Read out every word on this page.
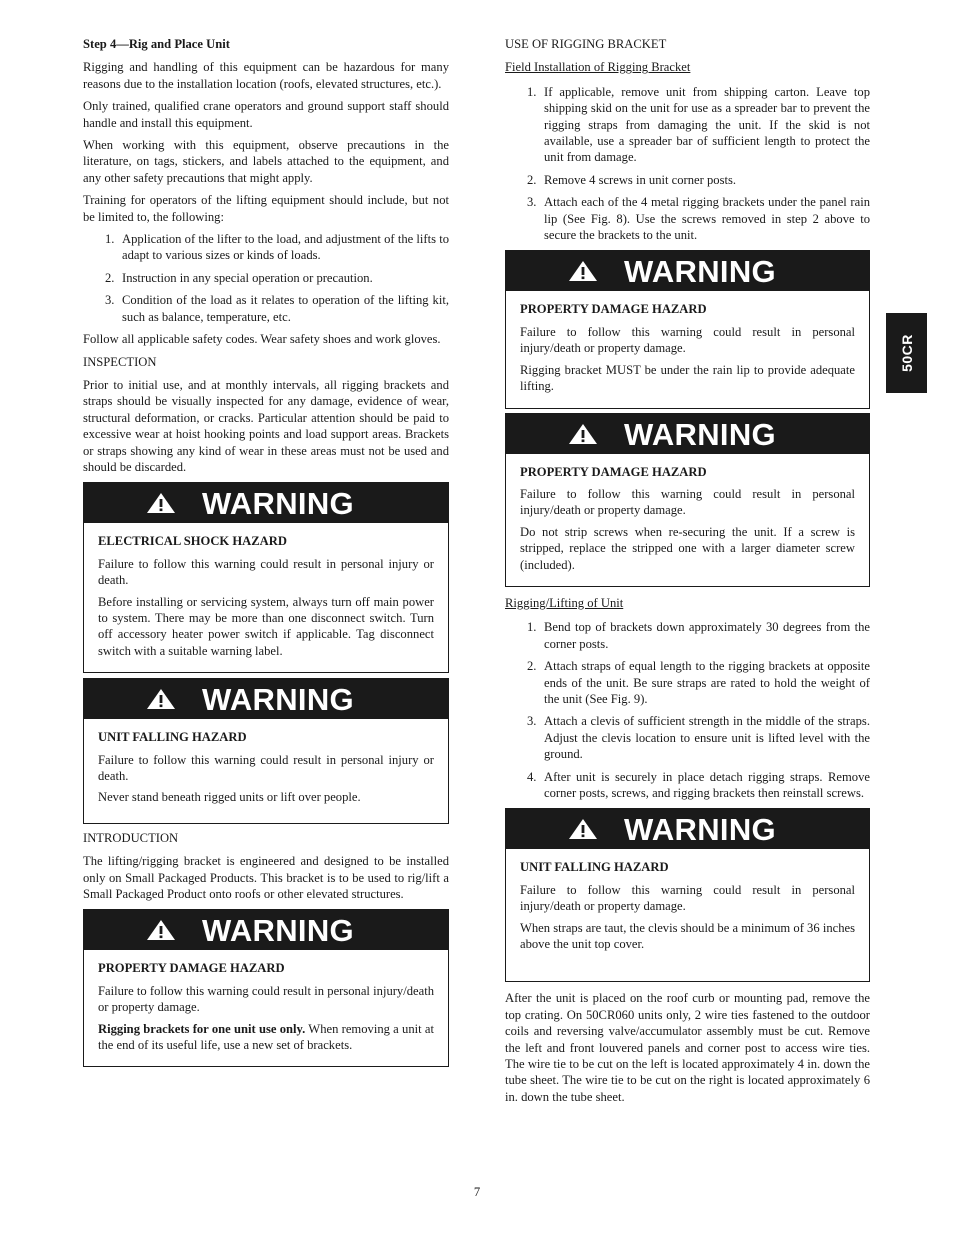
Step 4—Rig and Place Unit

Rigging and handling of this equipment can be hazardous for many reasons due to the installation location (roofs, elevated structures, etc.).

Only trained, qualified crane operators and ground support staff should handle and install this equipment.

When working with this equipment, observe precautions in the literature, on tags, stickers, and labels attached to the equipment, and any other safety precautions that might apply.

Training for operators of the lifting equipment should include, but not be limited to, the following:

1. Application of the lifter to the load, and adjustment of the lifts to adapt to various sizes or kinds of loads.
2. Instruction in any special operation or precaution.
3. Condition of the load as it relates to operation of the lifting kit, such as balance, temperature, etc.

Follow all applicable safety codes. Wear safety shoes and work gloves.

INSPECTION

Prior to initial use, and at monthly intervals, all rigging brackets and straps should be visually inspected for any damage, evidence of wear, structural deformation, or cracks. Particular attention should be paid to excessive wear at hoist hooking points and load support areas. Brackets or straps showing any kind of wear in these areas must not be used and should be discarded.

WARNING

ELECTRICAL SHOCK HAZARD

Failure to follow this warning could result in personal injury or death.

Before installing or servicing system, always turn off main power to system. There may be more than one disconnect switch. Turn off accessory heater power switch if applicable. Tag disconnect switch with a suitable warning label.

WARNING

UNIT FALLING HAZARD

Failure to follow this warning could result in personal injury or death.

Never stand beneath rigged units or lift over people.

INTRODUCTION

The lifting/rigging bracket is engineered and designed to be installed only on Small Packaged Products. This bracket is to be used to rig/lift a Small Packaged Product onto roofs or other elevated structures.

WARNING

PROPERTY DAMAGE HAZARD

Failure to follow this warning could result in personal injury/death or property damage.

Rigging brackets for one unit use only. When removing a unit at the end of its useful life, use a new set of brackets.

USE OF RIGGING BRACKET

Field Installation of Rigging Bracket

1. If applicable, remove unit from shipping carton. Leave top shipping skid on the unit for use as a spreader bar to prevent the rigging straps from damaging the unit. If the skid is not available, use a spreader bar of sufficient length to protect the unit from damage.
2. Remove 4 screws in unit corner posts.
3. Attach each of the 4 metal rigging brackets under the panel rain lip (See Fig. 8). Use the screws removed in step 2 above to secure the brackets to the unit.
WARNING

PROPERTY DAMAGE HAZARD

Failure to follow this warning could result in personal injury/death or property damage.

Rigging bracket MUST be under the rain lip to provide adequate lifting.

WARNING

PROPERTY DAMAGE HAZARD

Failure to follow this warning could result in personal injury/death or property damage.

Do not strip screws when re‑securing the unit. If a screw is stripped, replace the stripped one with a larger diameter screw (included).

Rigging/Lifting of Unit

1. Bend top of brackets down approximately 30 degrees from the corner posts.
2. Attach straps of equal length to the rigging brackets at opposite ends of the unit. Be sure straps are rated to hold the weight of the unit (See Fig. 9).
3. Attach a clevis of sufficient strength in the middle of the straps. Adjust the clevis location to ensure unit is lifted level with the ground.
4. After unit is securely in place detach rigging straps. Remove corner posts, screws, and rigging brackets then reinstall screws.
WARNING

UNIT FALLING HAZARD

Failure to follow this warning could result in personal injury/death or property damage.

When straps are taut, the clevis should be a minimum of 36 inches above the unit top cover.

After the unit is placed on the roof curb or mounting pad, remove the top crating. On 50CR060 units only, 2 wire ties fastened to the outdoor coils and reversing valve/accumulator assembly must be cut. Remove the left and front louvered panels and corner post to access wire ties. The wire tie to be cut on the left is located approximately 4 in. down the tube sheet. The wire tie to be cut on the right is located approximately 6 in. down the tube sheet.

50CR
7
